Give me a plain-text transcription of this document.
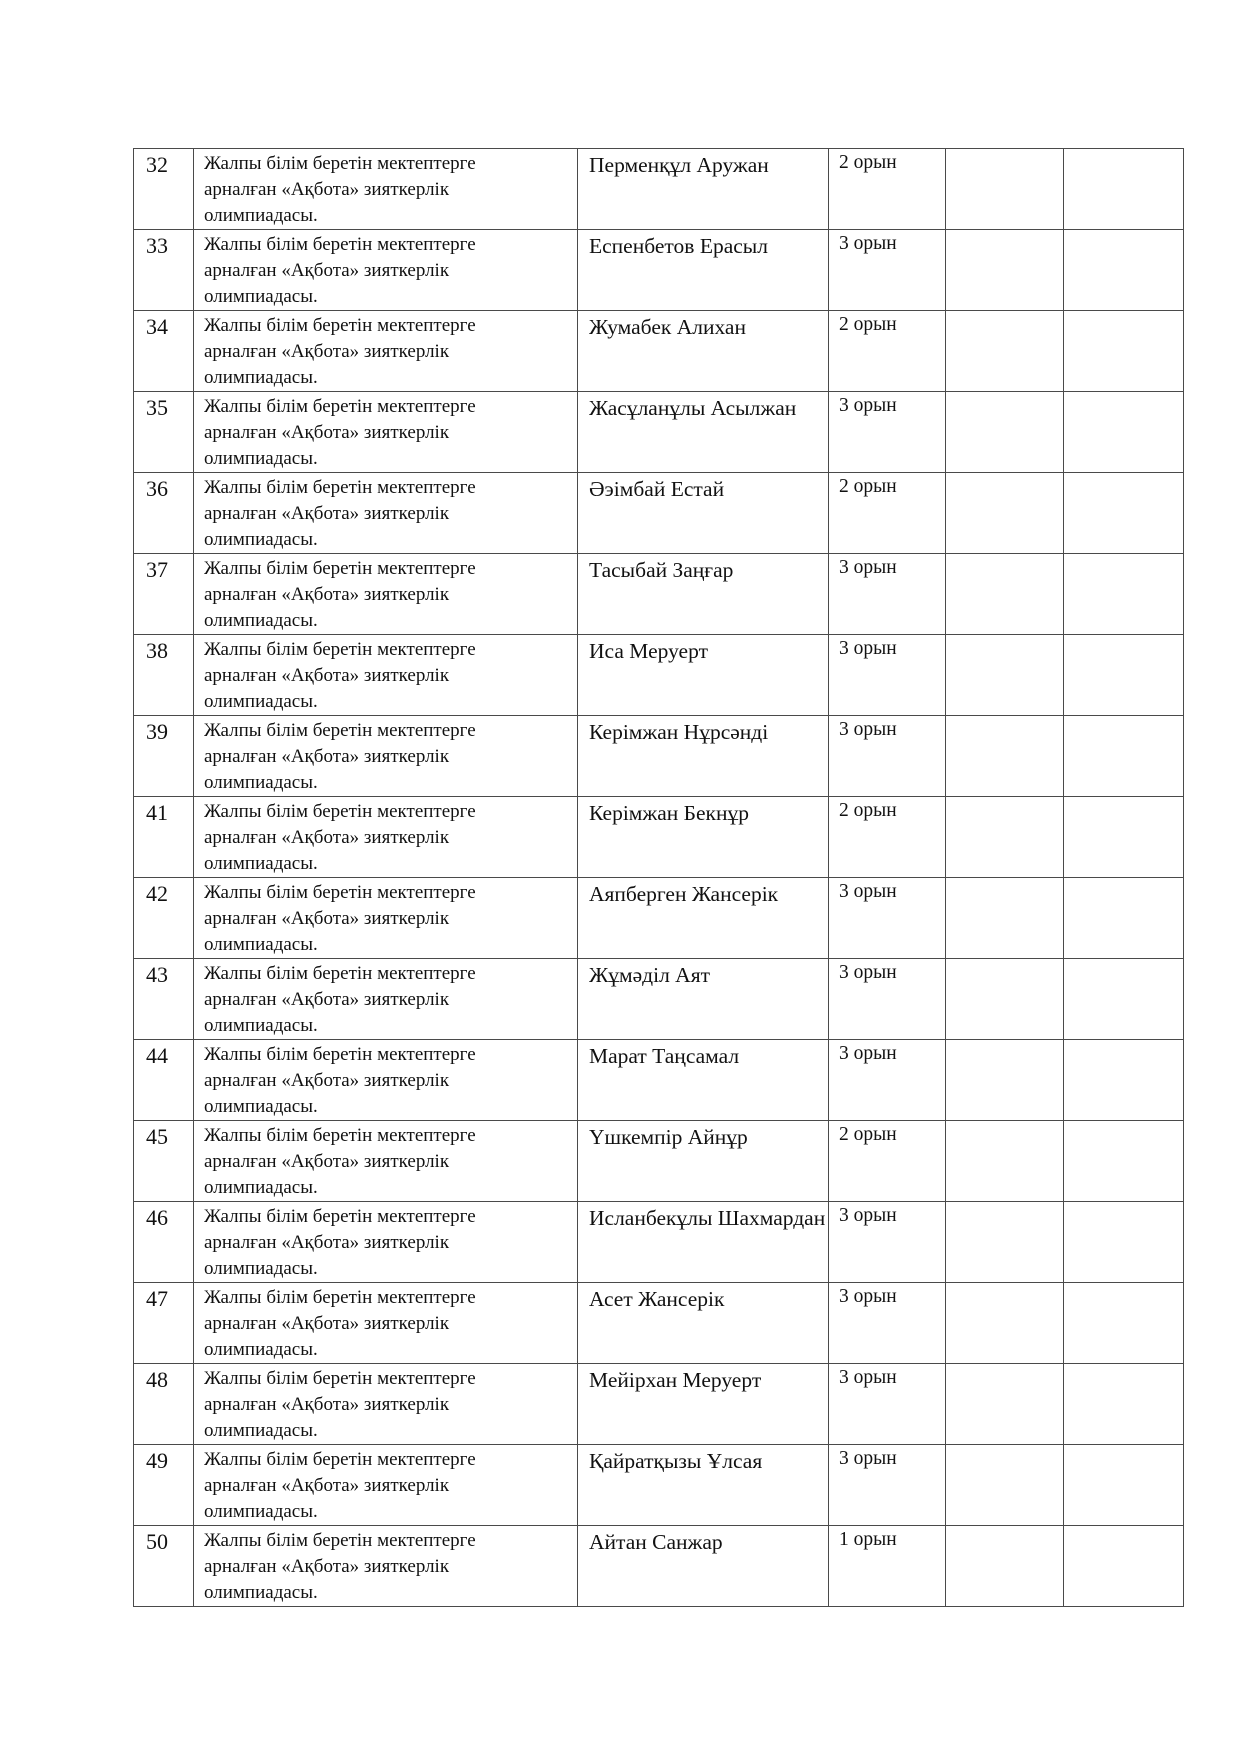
32	Жалпы білім беретін мектептерге
арналған «Ақбота» зияткерлік
олимпиадасы.	Перменқұл Аружан	2 орын		
33	Жалпы білім беретін мектептерге
арналған «Ақбота» зияткерлік
олимпиадасы.	Еспенбетов Ерасыл	3 орын		
34	Жалпы білім беретін мектептерге
арналған «Ақбота» зияткерлік
олимпиадасы.	Жумабек Алихан	2 орын		
35	Жалпы білім беретін мектептерге
арналған «Ақбота» зияткерлік
олимпиадасы.	Жасұланұлы Асылжан	3 орын		
36	Жалпы білім беретін мектептерге
арналған «Ақбота» зияткерлік
олимпиадасы.	Әэімбай Естай	2 орын		
37	Жалпы білім беретін мектептерге
арналған «Ақбота» зияткерлік
олимпиадасы.	Тасыбай Заңғар	3 орын		
38	Жалпы білім беретін мектептерге
арналған «Ақбота» зияткерлік
олимпиадасы.	Иса Меруерт	3 орын		
39	Жалпы білім беретін мектептерге
арналған «Ақбота» зияткерлік
олимпиадасы.	Керімжан Нұрсәнді	3 орын		
41	Жалпы білім беретін мектептерге
арналған «Ақбота» зияткерлік
олимпиадасы.	Керімжан Бекнұр	2 орын		
42	Жалпы білім беретін мектептерге
арналған «Ақбота» зияткерлік
олимпиадасы.	Аяпберген Жансерік	3 орын		
43	Жалпы білім беретін мектептерге
арналған «Ақбота» зияткерлік
олимпиадасы.	Жұмәділ Аят	3 орын		
44	Жалпы білім беретін мектептерге
арналған «Ақбота» зияткерлік
олимпиадасы.	Марат Таңсамал	3 орын		
45	Жалпы білім беретін мектептерге
арналған «Ақбота» зияткерлік
олимпиадасы.	Үшкемпір Айнұр	2 орын		
46	Жалпы білім беретін мектептерге
арналған «Ақбота» зияткерлік
олимпиадасы.	Исланбекұлы Шахмардан	3 орын		
47	Жалпы білім беретін мектептерге
арналған «Ақбота» зияткерлік
олимпиадасы.	Асет Жансерік	3 орын		
48	Жалпы білім беретін мектептерге
арналған «Ақбота» зияткерлік
олимпиадасы.	Мейірхан Меруерт	3 орын		
49	Жалпы білім беретін мектептерге
арналған «Ақбота» зияткерлік
олимпиадасы.	Қайратқызы Ұлсая	3 орын		
50	Жалпы білім беретін мектептерге
арналған «Ақбота» зияткерлік
олимпиадасы.	Айтан Санжар	1 орын		
